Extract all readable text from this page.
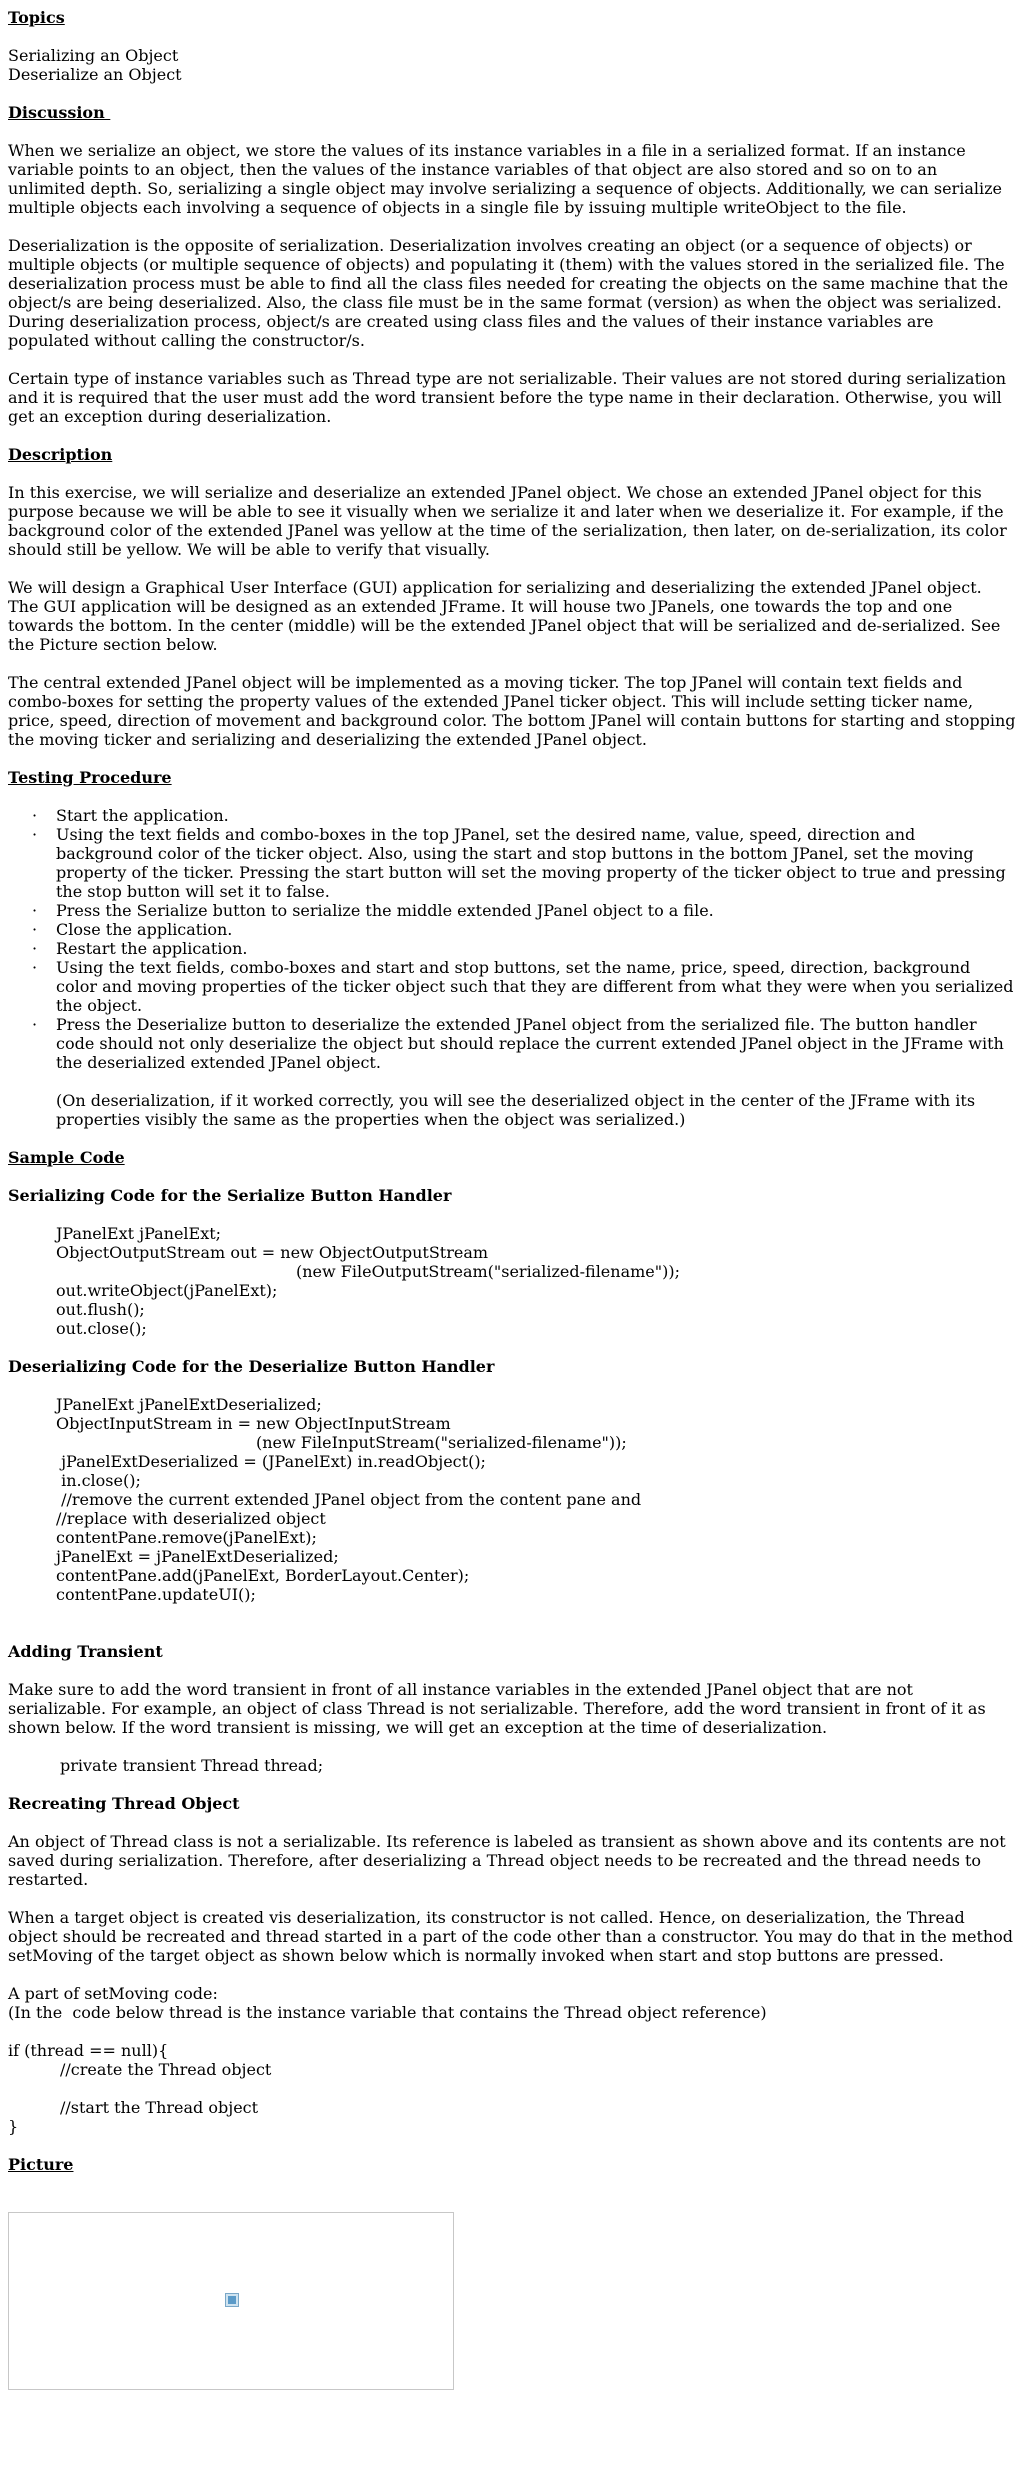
Topics

Serializing an Object

Deserialize an Object

Discussion

When we serialize an object, we store the values of its instance variables in a file in a serialized format. If an instance variable points to an object, then the values of the instance variables of that object are also stored and so on to an unlimited depth. So, serializing a single object may involve serializing a sequence of objects. Additionally, we can serialize multiple objects each involving a sequence of objects in a single file by issuing multiple writeObject to the file.

Deserialization is the opposite of serialization. Deserialization involves creating an object (or a sequence of objects) or multiple objects (or multiple sequence of objects) and populating it (them) with the values stored in the serialized file. The deserialization process must be able to find all the class files needed for creating the objects on the same machine that the object/s are being deserialized. Also, the class file must be in the same format (version) as when the object was serialized. During deserialization process, object/s are created using class files and the values of their instance variables are populated without calling the constructor/s.

Certain type of instance variables such as Thread type are not serializable. Their values are not stored during serialization and it is required that the user must add the word transient before the type name in their declaration. Otherwise, you will get an exception during deserialization.

Description

In this exercise, we will serialize and deserialize an extended JPanel object. We chose an extended JPanel object for this purpose because we will be able to see it visually when we serialize it and later when we deserialize it. For example, if the background color of the extended JPanel was yellow at the time of the serialization, then later, on de-serialization, its color should still be yellow. We will be able to verify that visually.

We will design a Graphical User Interface (GUI) application for serializing and deserializing the extended JPanel object. The GUI application will be designed as an extended JFrame. It will house two JPanels, one towards the top and one towards the bottom. In the center (middle) will be the extended JPanel object that will be serialized and de-serialized. See the Picture section below.

The central extended JPanel object will be implemented as a moving ticker. The top JPanel will contain text fields and combo-boxes for setting the property values of the extended JPanel ticker object. This will include setting ticker name, price, speed, direction of movement and background color. The bottom JPanel will contain buttons for starting and stopping the moving ticker and serializing and deserializing the extended JPanel object.

Testing Procedure

· Start the application.
· Using the text fields and combo-boxes in the top JPanel, set the desired name, value, speed, direction and background color of the ticker object. Also, using the start and stop buttons in the bottom JPanel, set the moving property of the ticker. Pressing the start button will set the moving property of the ticker object to true and pressing the stop button will set it to false.
· Press the Serialize button to serialize the middle extended JPanel object to a file.
· Close the application.
· Restart the application.
· Using the text fields, combo-boxes and start and stop buttons, set the name, price, speed, direction, background color and moving properties of the ticker object such that they are different from what they were when you serialized the object.
· Press the Deserialize button to deserialize the extended JPanel object from the serialized file. The button handler code should not only deserialize the object but should replace the current extended JPanel object in the JFrame with the deserialized extended JPanel object.

(On deserialization, if it worked correctly, you will see the deserialized object in the center of the JFrame with its properties visibly the same as the properties when the object was serialized.)

Sample Code

Serializing Code for the Serialize Button Handler

JPanelExt jPanelExt;

ObjectOutputStream out = new ObjectOutputStream

(new FileOutputStream("serialized-filename"));

out.writeObject(jPanelExt);

out.flush();

out.close();

Deserializing Code for the Deserialize Button Handler

JPanelExt jPanelExtDeserialized;

ObjectInputStream in = new ObjectInputStream

(new FileInputStream("serialized-filename"));

jPanelExtDeserialized = (JPanelExt) in.readObject();

in.close();

//remove the current extended JPanel object from the content pane and

//replace with deserialized object

contentPane.remove(jPanelExt);

jPanelExt = jPanelExtDeserialized;

contentPane.add(jPanelExt, BorderLayout.Center);

contentPane.updateUI();

Adding Transient

Make sure to add the word transient in front of all instance variables in the extended JPanel object that are not serializable. For example, an object of class Thread is not serializable. Therefore, add the word transient in front of it as shown below. If the word transient is missing, we will get an exception at the time of deserialization.

private transient Thread thread;

Recreating Thread Object

An object of Thread class is not a serializable. Its reference is labeled as transient as shown above and its contents are not saved during serialization. Therefore, after deserializing a Thread object needs to be recreated and the thread needs to restarted.

When a target object is created vis deserialization, its constructor is not called. Hence, on deserialization, the Thread object should be recreated and thread started in a part of the code other than a constructor. You may do that in the method setMoving of the target object as shown below which is normally invoked when start and stop buttons are pressed.

A part of setMoving code:

(In the  code below thread is the instance variable that contains the Thread object reference)

if (thread == null){

//create the Thread object

//start the Thread object

}

Picture
